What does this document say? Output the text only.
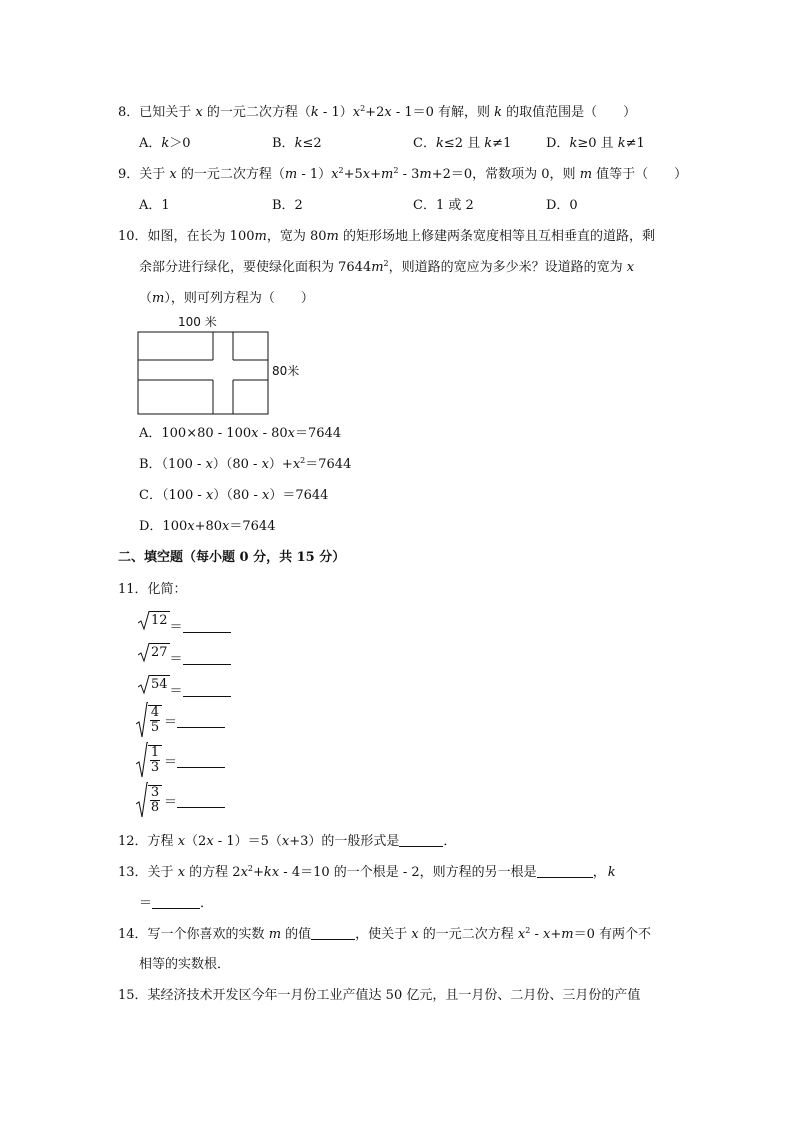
8．已知关于 x 的一元二次方程$(k - 1)x^2+2x - 1=0$ 有解，则 k 的取值范围是（　　）
A．k＞0	B．k≤2	C．k≤2 且 k≠1	D．k≥0 且 k≠1
9．关于 x 的一元二次方程$(m - 1)x^2+5x+m^2 - 3m+2=0$，常数项为 0，则 m 值等于（　　）
A．1	B．2	C．1 或 2	D．0
10．如图，在长为 100m，宽为 80m 的矩形场地上修建两条宽度相等且互相垂直的道路，剩
余部分进行绿化，要使绿化面积为 $7644m^2$，则道路的宽应为多少米？设道路的宽为 x
（m），则可列方程为（　　）
100 米
80米
A．100×80 - 100x - 80x＝7644
B．$(100 - x)(80 - x)+x^2=7644$
C．（100 - x）（80 - x）＝7644
D．100x+80x＝7644
二、填空题（每小题 0 分，共 15 分）
11．化简：
12 ＝
27 ＝
54 ＝
$\frac{4}{5}$ ＝
$\frac{1}{3}$ ＝
$\frac{3}{8}$ ＝
12．方程 x（2x - 1）＝5（x+3）的一般形式是	．
13．关于 x 的方程 $2x^2+kx - 4=10$ 的一个根是 - 2，则方程的另一根是	， k
＝	．
14．写一个你喜欢的实数 m 的值	，使关于 x 的一元二次方程 $x^2 - x+m=0$ 有两个不
相等的实数根．
15．某经济技术开发区今年一月份工业产值达 50 亿元，且一月份、二月份、三月份的产值
